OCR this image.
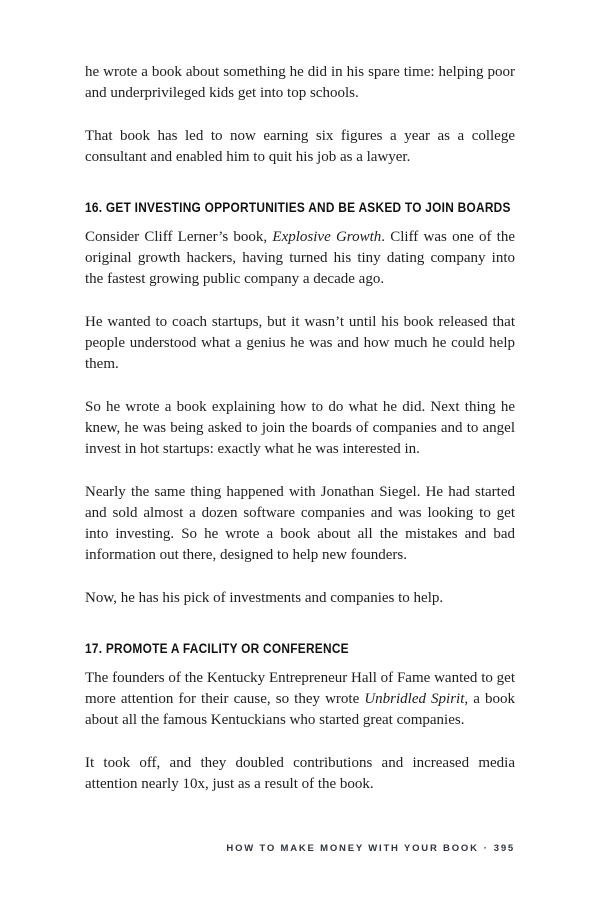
he wrote a book about something he did in his spare time: helping poor and underprivileged kids get into top schools.

That book has led to now earning six figures a year as a college consultant and enabled him to quit his job as a lawyer.

16. GET INVESTING OPPORTUNITIES AND BE ASKED TO JOIN BOARDS

Consider Cliff Lerner’s book, Explosive Growth. Cliff was one of the original growth hackers, having turned his tiny dating company into the fastest growing public company a decade ago.

He wanted to coach startups, but it wasn’t until his book released that people understood what a genius he was and how much he could help them.

So he wrote a book explaining how to do what he did. Next thing he knew, he was being asked to join the boards of companies and to angel invest in hot startups: exactly what he was interested in.

Nearly the same thing happened with Jonathan Siegel. He had started and sold almost a dozen software companies and was looking to get into investing. So he wrote a book about all the mistakes and bad information out there, designed to help new founders.

Now, he has his pick of investments and companies to help.

17. PROMOTE A FACILITY OR CONFERENCE

The founders of the Kentucky Entrepreneur Hall of Fame wanted to get more attention for their cause, so they wrote Unbridled Spirit, a book about all the famous Kentuckians who started great companies.

It took off, and they doubled contributions and increased media attention nearly 10x, just as a result of the book.

HOW TO MAKE MONEY WITH YOUR BOOK · 395
